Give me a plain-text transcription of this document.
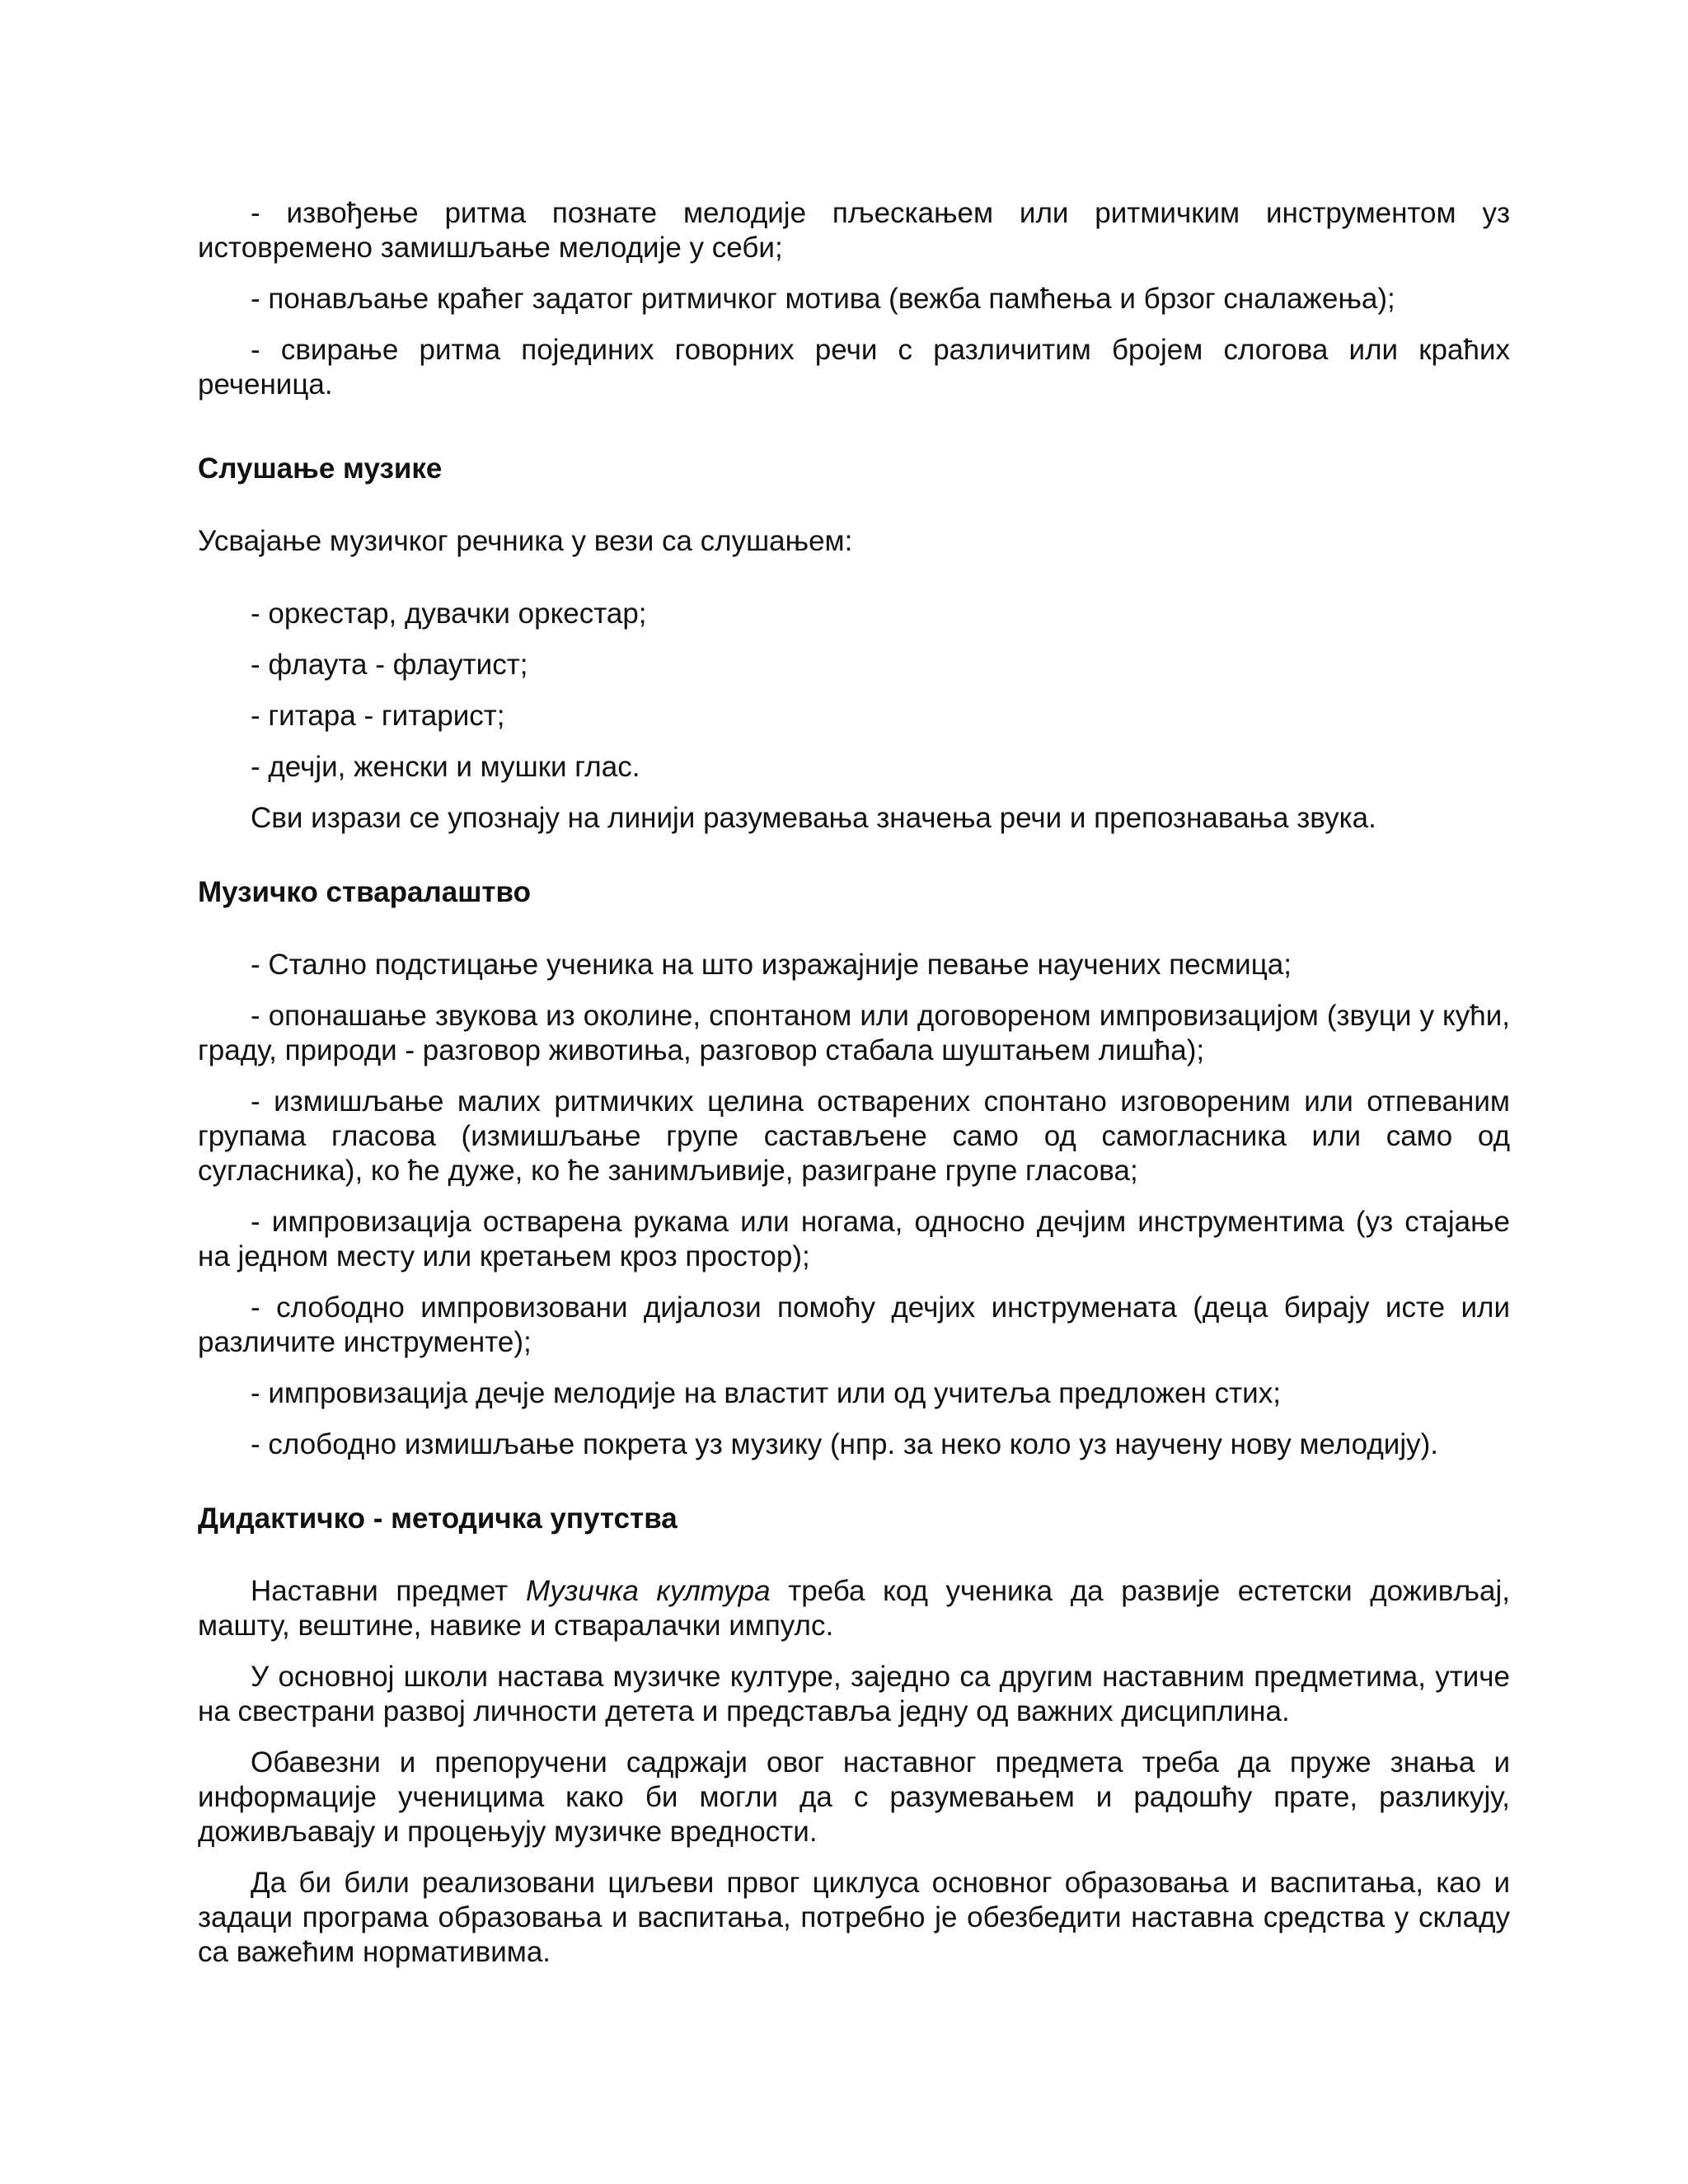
- извођење ритма познате мелодије пљескањем или ритмичким инструментом уз истовремено замишљање мелодије у себи;

- понављање краћег задатог ритмичког мотива (вежба памћења и брзог сналажења);

- свирање ритма појединих говорних речи с различитим бројем слогова или краћих реченица.

Слушање музике

Усвајање музичког речника у вези са слушањем:

- оркестар, дувачки оркестар;

- флаута - флаутист;

- гитара - гитарист;

- дечји, женски и мушки глас.

Сви изрази се упознају на линији разумевања значења речи и препознавања звука.

Музичко стваралаштво

- Стално подстицање ученика на што изражајније певање научених песмица;

- опонашање звукова из околине, спонтаном или договореном импровизацијом (звуци у кући, граду, природи - разговор животиња, разговор стабала шуштањем лишћа);

- измишљање малих ритмичких целина остварених спонтано изговореним или отпеваним групама гласова (измишљање групе састављене само од самогласника или само од сугласника), ко ће дуже, ко ће занимљивије, разигране групе гласова;

- импровизација остварена рукама или ногама, односно дечјим инструментима (уз стајање на једном месту или кретањем кроз простор);

- слободно импровизовани дијалози помоћу дечјих инструмената (деца бирају исте или различите инструменте);

- импровизација дечје мелодије на властит или од учитеља предложен стих;

- слободно измишљање покрета уз музику (нпр. за неко коло уз научену нову мелодију).

Дидактичко - методичка упутства

Наставни предмет Музичка култура треба код ученика да развије естетски доживљај, машту, вештине, навике и стваралачки импулс.

У основној школи настава музичке културе, заједно са другим наставним предметима, утиче на свестрани развој личности детета и представља једну од важних дисциплина.

Обавезни и препоручени садржаји овог наставног предмета треба да пруже знања и информације ученицима како би могли да с разумевањем и радошћу прате, разликују, доживљавају и процењују музичке вредности.

Да би били реализовани циљеви првог циклуса основног образовања и васпитања, као и задаци програма образовања и васпитања, потребно је обезбедити наставна средства у складу са важећим нормативима.
